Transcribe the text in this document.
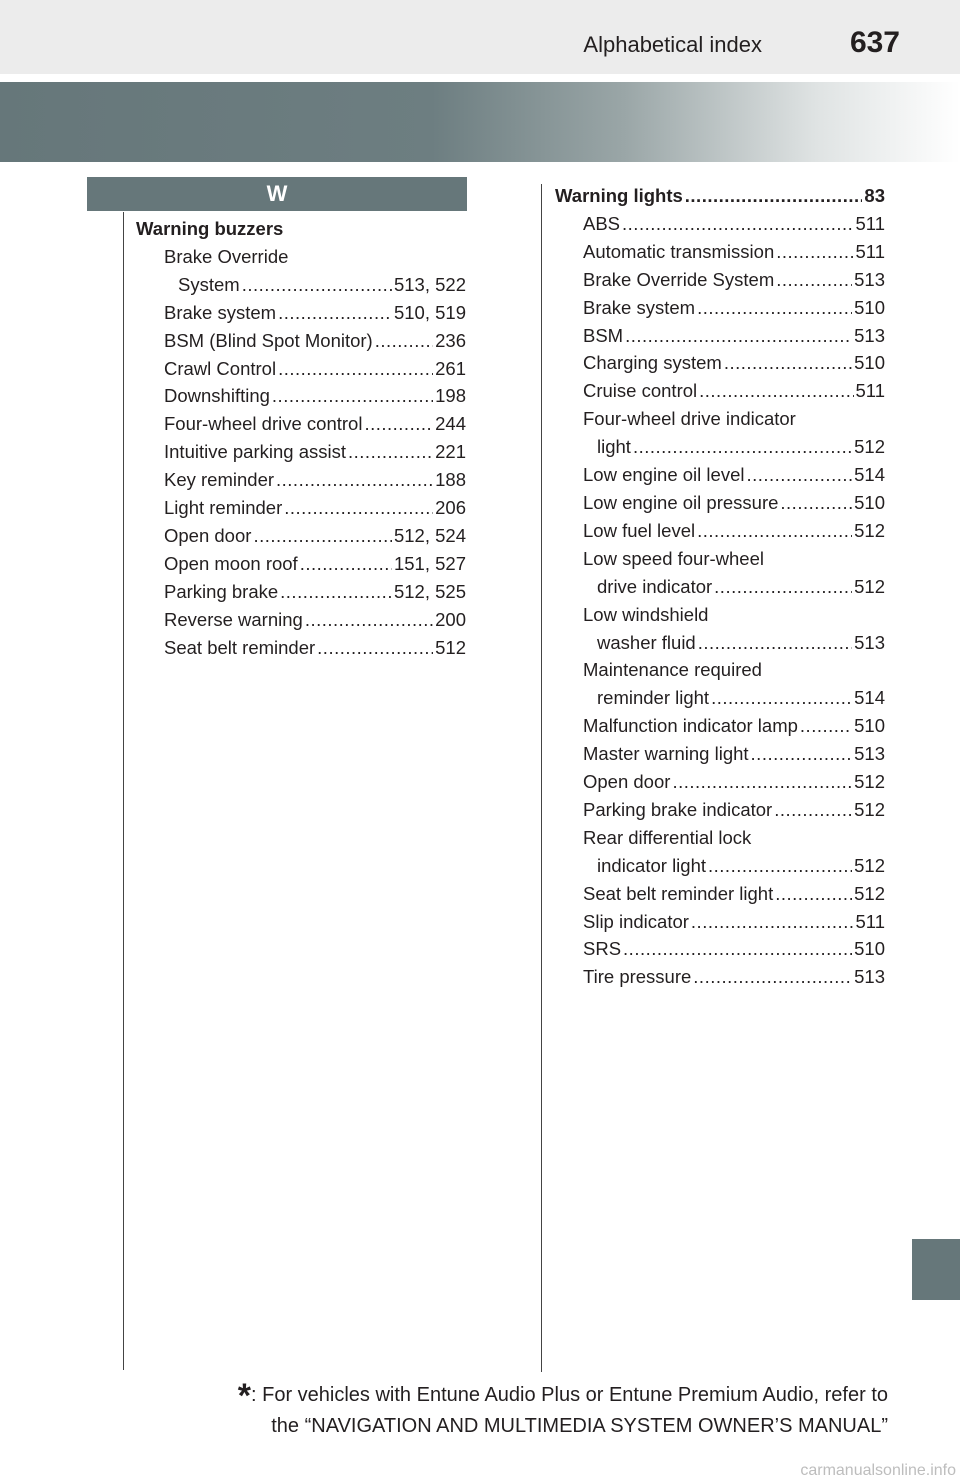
Alphabetical index	637
W
Warning buzzers
Brake Override
System .....	513, 522
Brake system .....	510, 519
BSM (Blind Spot Monitor) .....	236
Crawl Control .....	261
Downshifting .....	198
Four-wheel drive control .....	244
Intuitive parking assist .....	221
Key reminder .....	188
Light reminder .....	206
Open door .....	512, 524
Open moon roof .....	151, 527
Parking brake .....	512, 525
Reverse warning .....	200
Seat belt reminder .....	512
Warning lights .....	83
ABS .....	511
Automatic transmission .....	511
Brake Override System .....	513
Brake system .....	510
BSM .....	513
Charging system .....	510
Cruise control .....	511
Four-wheel drive indicator
light .....	512
Low engine oil level .....	514
Low engine oil pressure .....	510
Low fuel level .....	512
Low speed four-wheel
drive indicator .....	512
Low windshield
washer fluid .....	513
Maintenance required
reminder light .....	514
Malfunction indicator lamp .....	510
Master warning light .....	513
Open door .....	512
Parking brake indicator .....	512
Rear differential lock
indicator light .....	512
Seat belt reminder light .....	512
Slip indicator .....	511
SRS .....	510
Tire pressure .....	513
*: For vehicles with Entune Audio Plus or Entune Premium Audio, refer to
the “NAVIGATION AND MULTIMEDIA SYSTEM OWNER’S MANUAL”
carmanualsonline.info
